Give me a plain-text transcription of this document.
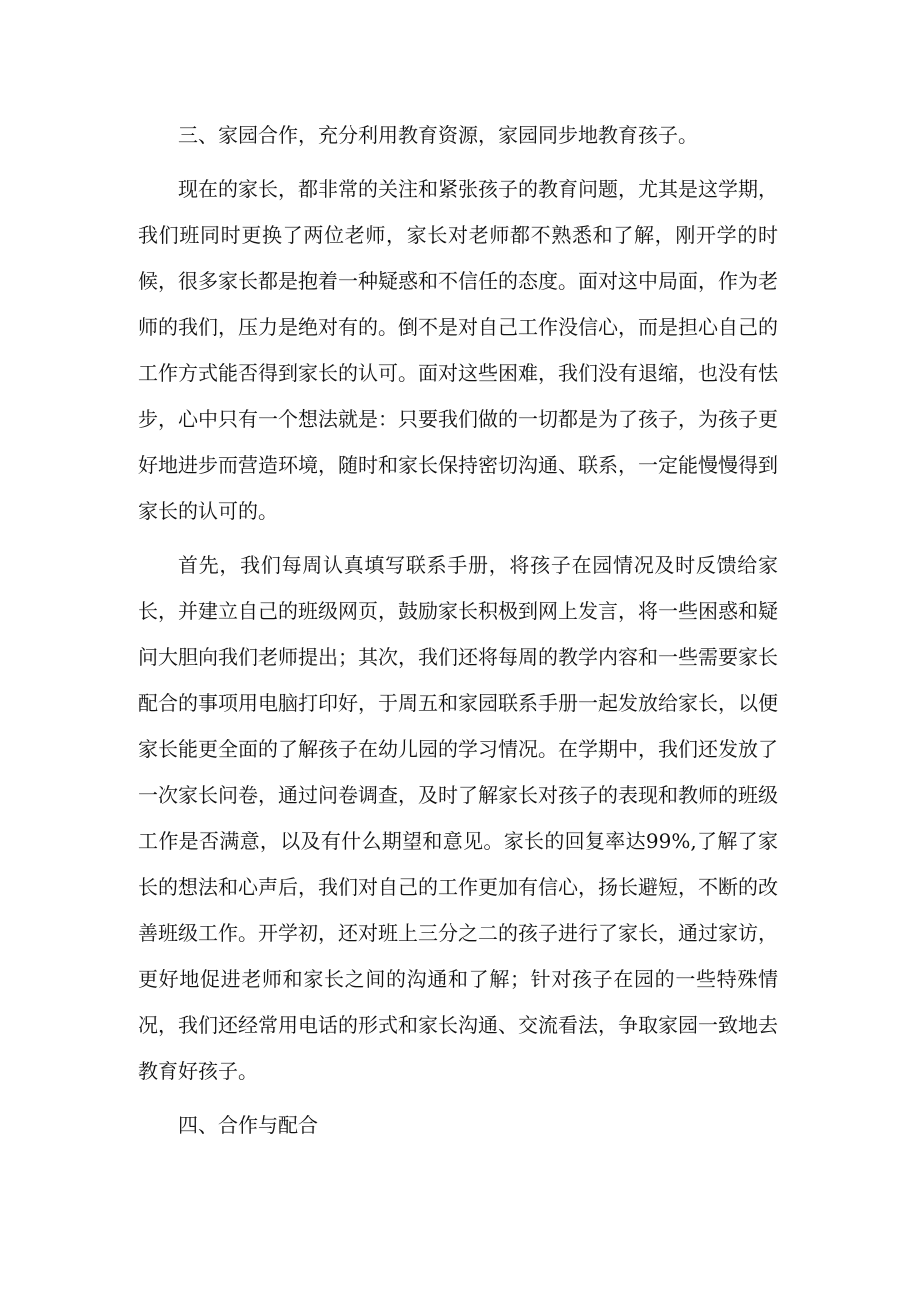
三、家园合作，充分利用教育资源，家园同步地教育孩子。

现在的家长，都非常的关注和紧张孩子的教育问题，尤其是这学期，我们班同时更换了两位老师，家长对老师都不熟悉和了解，刚开学的时候，很多家长都是抱着一种疑惑和不信任的态度。面对这中局面，作为老师的我们，压力是绝对有的。倒不是对自己工作没信心，而是担心自己的工作方式能否得到家长的认可。面对这些困难，我们没有退缩，也没有怯步，心中只有一个想法就是：只要我们做的一切都是为了孩子，为孩子更好地进步而营造环境，随时和家长保持密切沟通、联系，一定能慢慢得到家长的认可的。

首先，我们每周认真填写联系手册，将孩子在园情况及时反馈给家长，并建立自己的班级网页，鼓励家长积极到网上发言，将一些困惑和疑问大胆向我们老师提出；其次，我们还将每周的教学内容和一些需要家长配合的事项用电脑打印好，于周五和家园联系手册一起发放给家长，以便家长能更全面的了解孩子在幼儿园的学习情况。在学期中，我们还发放了一次家长问卷，通过问卷调查，及时了解家长对孩子的表现和教师的班级工作是否满意，以及有什么期望和意见。家长的回复率达99%,了解了家长的想法和心声后，我们对自己的工作更加有信心，扬长避短，不断的改善班级工作。开学初，还对班上三分之二的孩子进行了家长，通过家访，更好地促进老师和家长之间的沟通和了解；针对孩子在园的一些特殊情况，我们还经常用电话的形式和家长沟通、交流看法，争取家园一致地去教育好孩子。

四、合作与配合
